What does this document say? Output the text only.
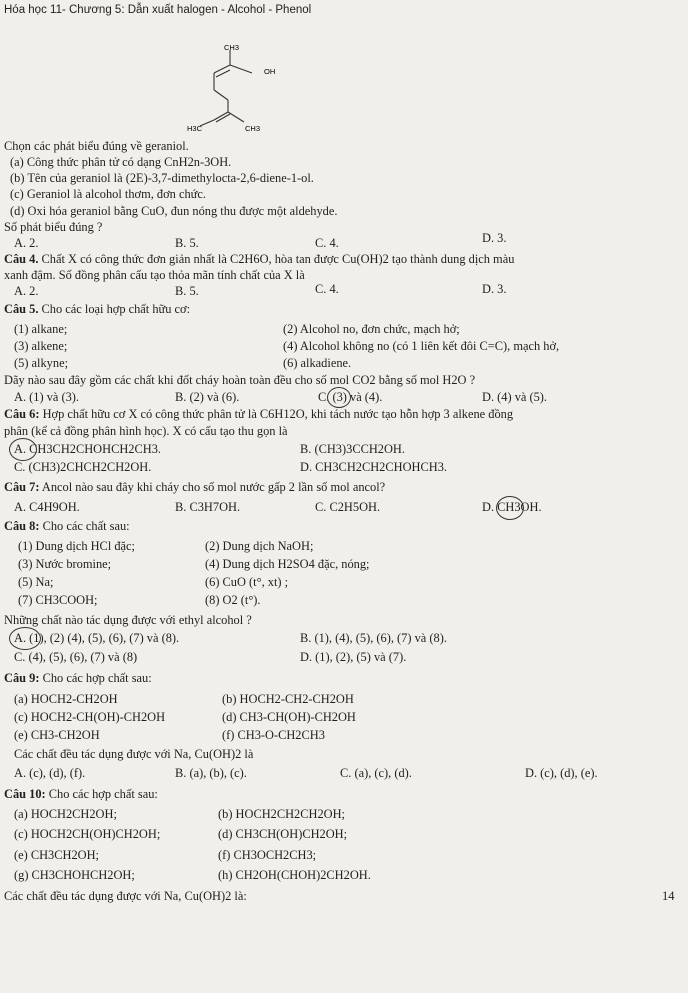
Hóa học 11- Chương 5: Dẫn xuất halogen - Alcohol - Phenol
CH3
OH
H3C	CH3
Chọn các phát biểu đúng về geraniol.
(a) Công thức phân tử có dạng CnH2n-3OH.
(b) Tên của geraniol là (2E)-3,7-dimethylocta-2,6-diene-1-ol.
(c) Geraniol là alcohol thơm, đơn chức.
(d) Oxi hóa geraniol bằng CuO, đun nóng thu được một aldehyde.
Số phát biểu đúng ?
A. 2.	B. 5.	C. 4.	D. 3.
Câu 4. Chất X có công thức đơn giản nhất là C2H6O, hòa tan được Cu(OH)2 tạo thành dung dịch màu
xanh đậm. Số đồng phân cấu tạo thỏa mãn tính chất của X là
A. 2.	B. 5.	C. 4.	D. 3.
Câu 5. Cho các loại hợp chất hữu cơ:
(1) alkane;	(2) Alcohol no, đơn chức, mạch hở;
(3) alkene;	(4) Alcohol không no (có 1 liên kết đôi C=C), mạch hở,
(5) alkyne;	(6) alkadiene.
Dãy nào sau đây gồm các chất khi đốt cháy hoàn toàn đều cho số mol CO2 bằng số mol H2O ?
A. (1) và (3).	B. (2) và (6).	C. (3) và (4).	D. (4) và (5).
Câu 6: Hợp chất hữu cơ X có công thức phân tử là C6H12O, khi tách nước tạo hỗn hợp 3 alkene đồng
phân (kể cả đồng phân hình học). X có cấu tạo thu gọn là
A. CH3CH2CHOHCH2CH3.	B. (CH3)3CCH2OH.
C. (CH3)2CHCH2CH2OH.	D. CH3CH2CH2CHOHCH3.
Câu 7: Ancol nào sau đây khi cháy cho số mol nước gấp 2 lần số mol ancol?
A. C4H9OH.	B. C3H7OH.	C. C2H5OH.	D. CH3OH.
Câu 8: Cho các chất sau:
(1) Dung dịch HCl đặc;	(2) Dung dịch NaOH;
(3) Nước bromine;	(4) Dung dịch H2SO4 đặc, nóng;
(5) Na;	(6) CuO (t°, xt) ;
(7) CH3COOH;	(8) O2 (t°).
Những chất nào tác dụng được với ethyl alcohol ?
A. (1), (2) (4), (5), (6), (7) và (8).	B. (1), (4), (5), (6), (7) và (8).
C. (4), (5), (6), (7) và (8)	D. (1), (2), (5) và (7).
Câu 9: Cho các hợp chất sau:
(a) HOCH2-CH2OH	(b) HOCH2-CH2-CH2OH
(c) HOCH2-CH(OH)-CH2OH	(d) CH3-CH(OH)-CH2OH
(e) CH3-CH2OH	(f) CH3-O-CH2CH3
Các chất đều tác dụng được với Na, Cu(OH)2 là
A. (c), (d), (f).	B. (a), (b), (c).	C. (a), (c), (d).	D. (c), (d), (e).
Câu 10: Cho các hợp chất sau:
(a) HOCH2CH2OH;	(b) HOCH2CH2CH2OH;
(c) HOCH2CH(OH)CH2OH;	(d) CH3CH(OH)CH2OH;
(e) CH3CH2OH;	(f) CH3OCH2CH3;
(g) CH3CHOHCH2OH;	(h) CH2OH(CHOH)2CH2OH.
Các chất đều tác dụng được với Na, Cu(OH)2 là:	14
